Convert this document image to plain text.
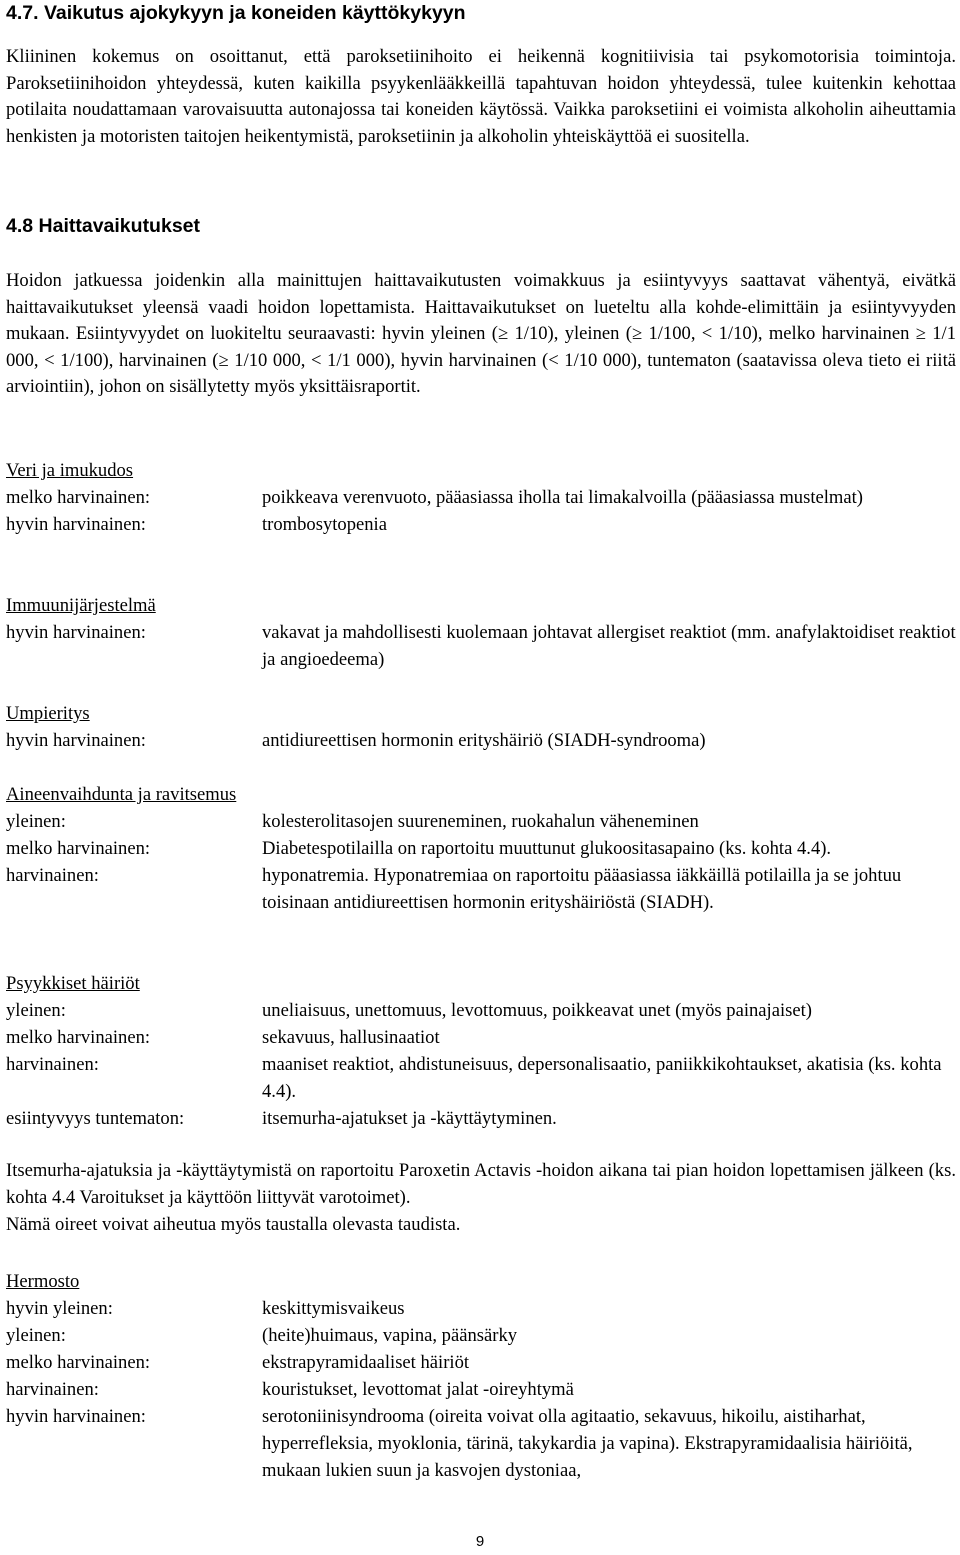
4.7. Vaikutus ajokykyyn ja koneiden käyttökykyyn

Kliininen kokemus on osoittanut, että paroksetiinihoito ei heikennä kognitiivisia tai psykomotorisia toimintoja. Paroksetiinihoidon yhteydessä, kuten kaikilla psyykenlääkkeillä tapahtuvan hoidon yhteydessä, tulee kuitenkin kehottaa potilaita noudattamaan varovaisuutta autonajossa tai koneiden käytössä. Vaikka paroksetiini ei voimista alkoholin aiheuttamia henkisten ja motoristen taitojen heikentymistä, paroksetiinin ja alkoholin yhteiskäyttöä ei suositella.

4.8 Haittavaikutukset

Hoidon jatkuessa joidenkin alla mainittujen haittavaikutusten voimakkuus ja esiintyvyys saattavat vähentyä, eivätkä haittavaikutukset yleensä vaadi hoidon lopettamista. Haittavaikutukset on lueteltu alla kohde-elimittäin ja esiintyvyyden mukaan. Esiintyvyydet on luokiteltu seuraavasti: hyvin yleinen (≥ 1/10), yleinen (≥ 1/100, < 1/10), melko harvinainen ≥ 1/1 000, < 1/100), harvinainen (≥ 1/10 000, < 1/1 000), hyvin harvinainen (< 1/10 000), tuntematon (saatavissa oleva tieto ei riitä arviointiin), johon on sisällytetty myös yksittäisraportit.

Veri ja imukudos

melko harvinainen:	poikkeava verenvuoto, pääasiassa iholla tai limakalvoilla (pääasiassa mustelmat)
hyvin harvinainen:	trombosytopenia

Immuunijärjestelmä

hyvin harvinainen:	vakavat ja mahdollisesti kuolemaan johtavat allergiset reaktiot (mm. anafylaktoidiset reaktiot ja angioedeema)

Umpieritys

hyvin harvinainen:	antidiureettisen hormonin erityshäiriö (SIADH-syndrooma)

Aineenvaihdunta ja ravitsemus

yleinen:	kolesterolitasojen suureneminen, ruokahalun väheneminen
melko harvinainen:	Diabetespotilailla on raportoitu muuttunut glukoositasapaino (ks. kohta 4.4).
harvinainen:	hyponatremia. Hyponatremiaa on raportoitu pääasiassa iäkkäillä potilailla ja se johtuu toisinaan antidiureettisen hormonin erityshäiriöstä (SIADH).

Psyykkiset häiriöt

yleinen:	uneliaisuus, unettomuus, levottomuus, poikkeavat unet (myös painajaiset)
melko harvinainen:	sekavuus, hallusinaatiot
harvinainen:	maaniset reaktiot, ahdistuneisuus, depersonalisaatio, paniikkikohtaukset, akatisia (ks. kohta 4.4).
esiintyvyys tuntematon:	itsemurha-ajatukset ja -käyttäytyminen.

Itsemurha-ajatuksia ja -käyttäytymistä on raportoitu Paroxetin Actavis -hoidon aikana tai pian hoidon lopettamisen jälkeen (ks. kohta 4.4 Varoitukset ja käyttöön liittyvät varotoimet).

Nämä oireet voivat aiheutua myös taustalla olevasta taudista.

Hermosto

hyvin yleinen:	keskittymisvaikeus
yleinen:	(heite)huimaus, vapina, päänsärky
melko harvinainen:	ekstrapyramidaaliset häiriöt
harvinainen:	kouristukset, levottomat jalat -oireyhtymä
hyvin harvinainen:	serotoniinisyndrooma (oireita voivat olla agitaatio, sekavuus, hikoilu, aistiharhat, hyperrefleksia, myoklonia, tärinä, takykardia ja vapina). Ekstrapyramidaalisia häiriöitä, mukaan lukien suun ja kasvojen dystoniaa,
9
